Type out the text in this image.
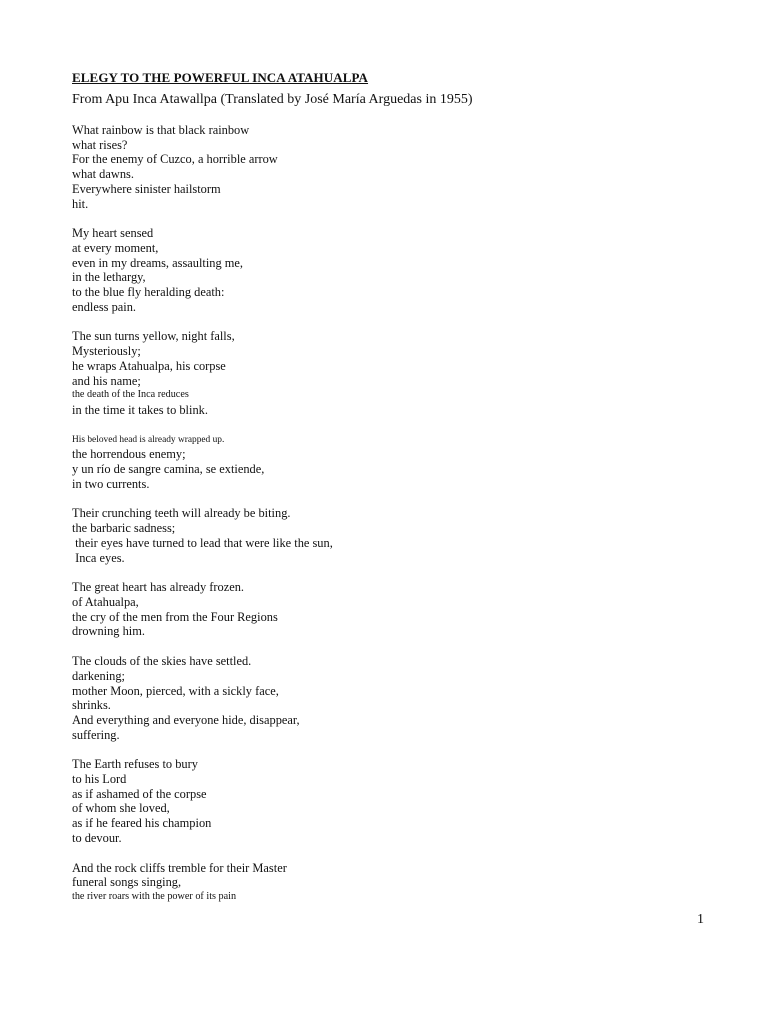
ELEGY TO THE POWERFUL INCA ATAHUALPA
From Apu Inca Atawallpa (Translated by José María Arguedas in 1955)
What rainbow is that black rainbow
what rises?
For the enemy of Cuzco, a horrible arrow
what dawns.
Everywhere sinister hailstorm
hit.
My heart sensed
at every moment,
even in my dreams, assaulting me,
in the lethargy,
to the blue fly heralding death:
endless pain.
The sun turns yellow, night falls,
Mysteriously;
he wraps Atahualpa, his corpse
and his name;
the death of the Inca reduces
in the time it takes to blink.
His beloved head is already wrapped up.
the horrendous enemy;
y un río de sangre camina, se extiende,
in two currents.
Their crunching teeth will already be biting.
the barbaric sadness;
their eyes have turned to lead that were like the sun,
Inca eyes.
The great heart has already frozen.
of Atahualpa,
the cry of the men from the Four Regions
drowning him.
The clouds of the skies have settled.
darkening;
mother Moon, pierced, with a sickly face,
shrinks.
And everything and everyone hide, disappear,
suffering.
The Earth refuses to bury
to his Lord
as if ashamed of the corpse
of whom she loved,
as if he feared his champion
to devour.
And the rock cliffs tremble for their Master
funeral songs singing,
the river roars with the power of its pain
1
